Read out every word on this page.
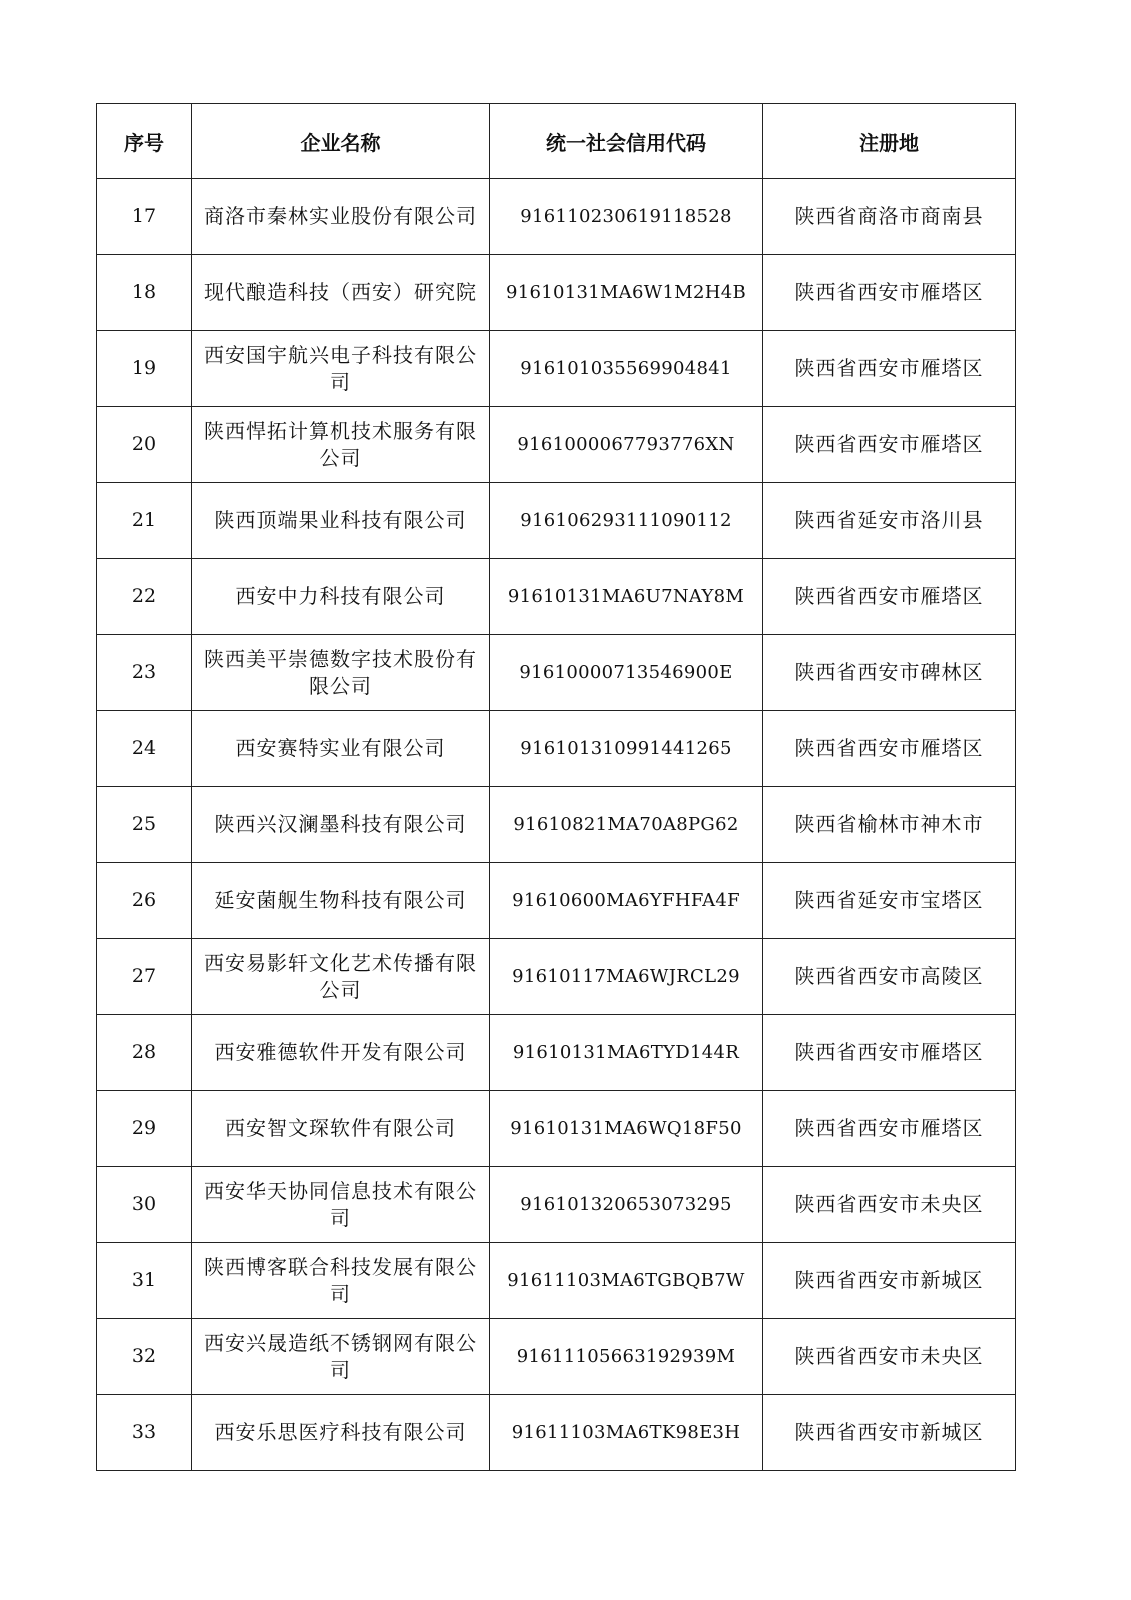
序号	企业名称	统一社会信用代码	注册地
17	商洛市秦林实业股份有限公司	916110230619118528	陕西省商洛市商南县
18	现代酿造科技（西安）研究院	91610131MA6W1M2H4B	陕西省西安市雁塔区
19	西安国宇航兴电子科技有限公司	916101035569904841	陕西省西安市雁塔区
20	陕西悍拓计算机技术服务有限公司	9161000067793776XN	陕西省西安市雁塔区
21	陕西顶端果业科技有限公司	916106293111090112	陕西省延安市洛川县
22	西安中力科技有限公司	91610131MA6U7NAY8M	陕西省西安市雁塔区
23	陕西美平崇德数字技术股份有限公司	91610000713546900E	陕西省西安市碑林区
24	西安赛特实业有限公司	916101310991441265	陕西省西安市雁塔区
25	陕西兴汉澜墨科技有限公司	91610821MA70A8PG62	陕西省榆林市神木市
26	延安菌舰生物科技有限公司	91610600MA6YFHFA4F	陕西省延安市宝塔区
27	西安易影轩文化艺术传播有限公司	91610117MA6WJRCL29	陕西省西安市高陵区
28	西安雅德软件开发有限公司	91610131MA6TYD144R	陕西省西安市雁塔区
29	西安智文琛软件有限公司	91610131MA6WQ18F50	陕西省西安市雁塔区
30	西安华天协同信息技术有限公司	916101320653073295	陕西省西安市未央区
31	陕西博客联合科技发展有限公司	91611103MA6TGBQB7W	陕西省西安市新城区
32	西安兴晟造纸不锈钢网有限公司	91611105663192939M	陕西省西安市未央区
33	西安乐思医疗科技有限公司	91611103MA6TK98E3H	陕西省西安市新城区
